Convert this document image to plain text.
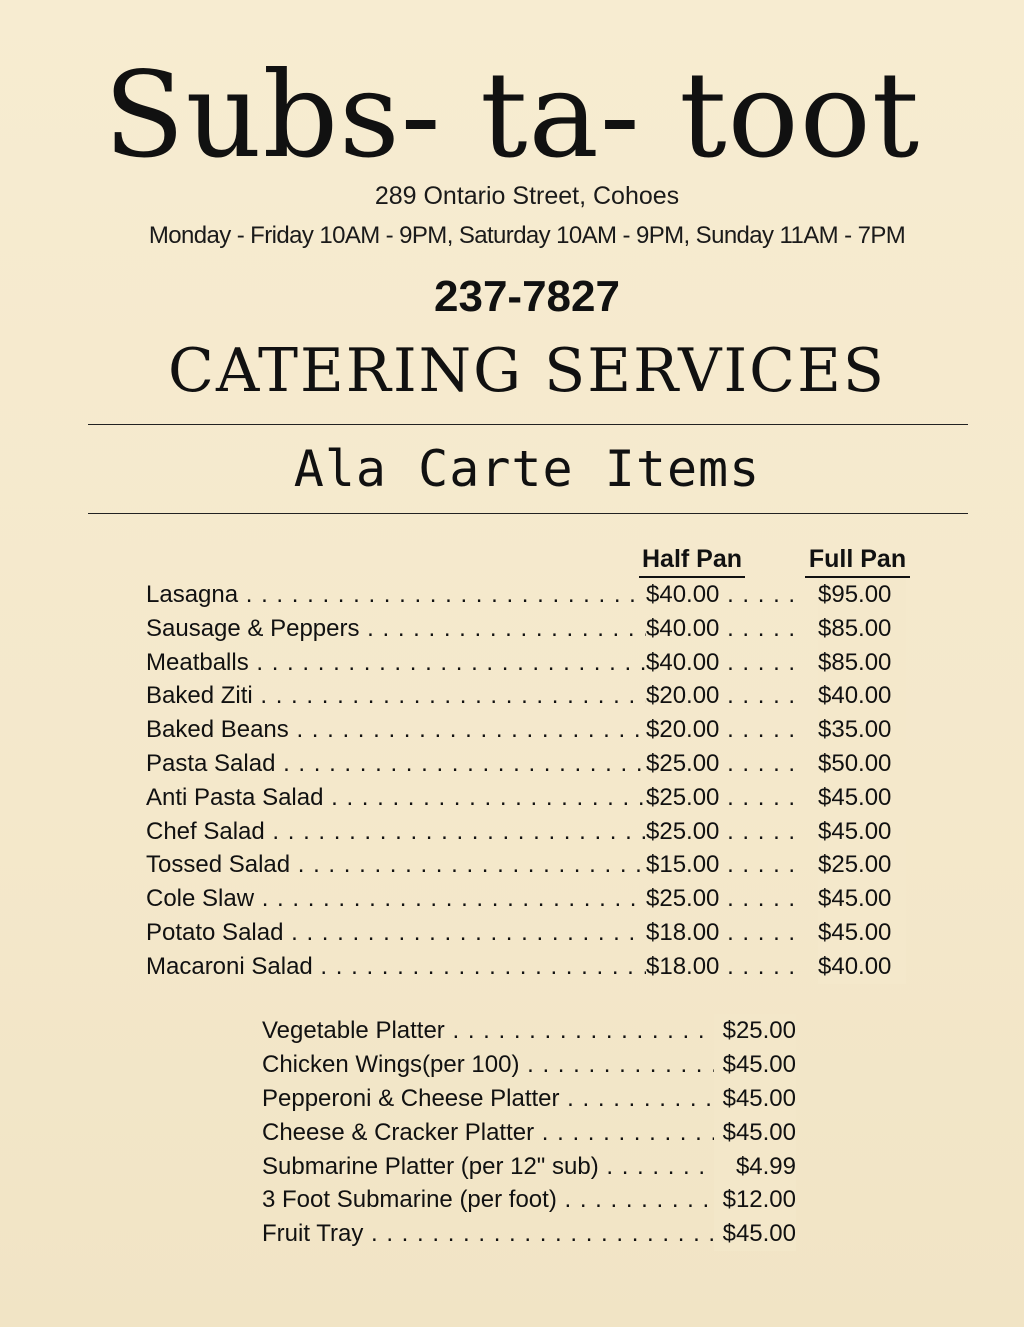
Subs- ta- toot
289 Ontario Street, Cohoes
Monday - Friday 10AM - 9PM, Saturday 10AM - 9PM, Sunday 11AM - 7PM
237-7827
CATERING SERVICES
Ala Carte Items
Half Pan	Full Pan
Lasagna . . .	$40.00 . . .	$95.00
Sausage & Peppers . . .	$40.00 . . .	$85.00
Meatballs . . .	$40.00 . . .	$85.00
Baked Ziti . . .	$20.00 . . .	$40.00
Baked Beans . . .	$20.00 . . .	$35.00
Pasta Salad . . .	$25.00 . . .	$50.00
Anti Pasta Salad . . .	$25.00 . . .	$45.00
Chef Salad . . .	$25.00 . . .	$45.00
Tossed Salad . . .	$15.00 . . .	$25.00
Cole Slaw . . .	$25.00 . . .	$45.00
Potato Salad . . .	$18.00 . . .	$45.00
Macaroni Salad . . .	$18.00 . . .	$40.00
Vegetable Platter . . .	$25.00
Chicken Wings(per 100) . . .	$45.00
Pepperoni & Cheese Platter . . .	$45.00
Cheese & Cracker Platter . . .	$45.00
Submarine Platter (per 12" sub) . . .	$4.99
3 Foot Submarine (per foot) . . .	$12.00
Fruit Tray . . .	$45.00
